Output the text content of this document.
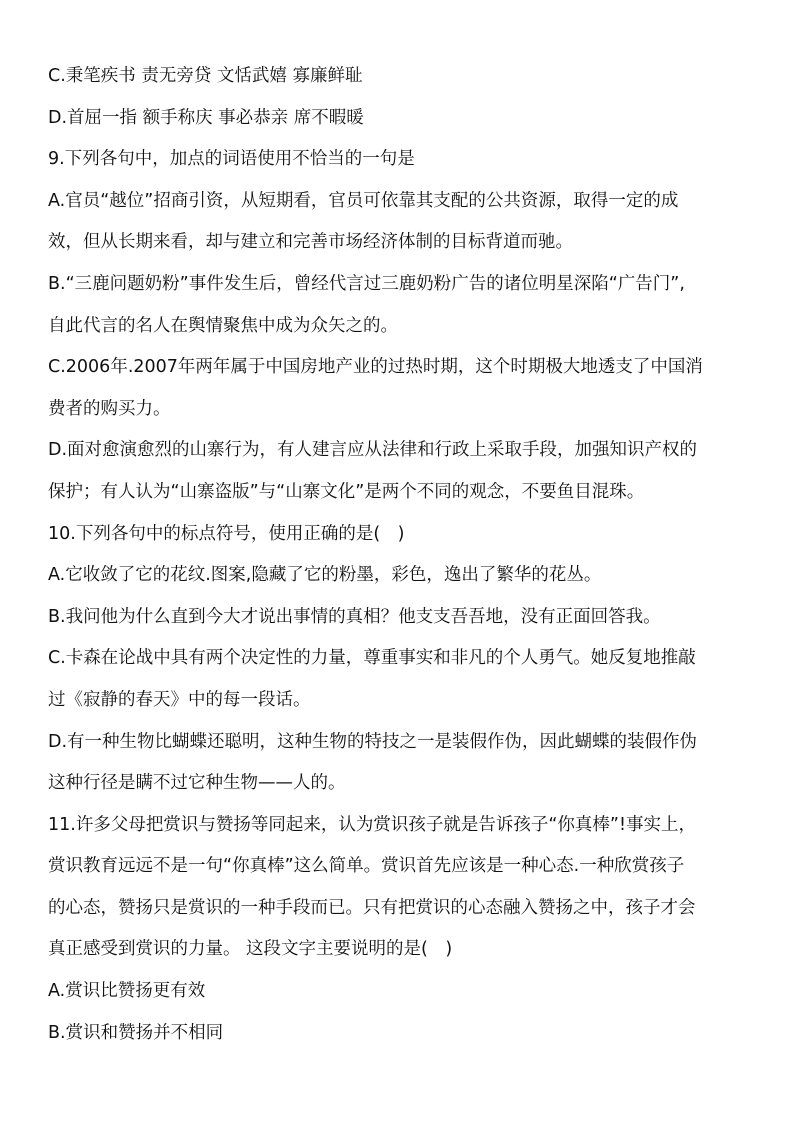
C.秉笔疾书 责无旁贷 文恬武嬉 寡廉鲜耻
D.首屈一指 额手称庆 事必恭亲 席不暇暖
9.下列各句中，加点的词语使用不恰当的一句是
A.官员“越位”招商引资，从短期看，官员可依靠其支配的公共资源，取得一定的成
效，但从长期来看，却与建立和完善市场经济体制的目标背道而驰。
B.“三鹿问题奶粉”事件发生后，曾经代言过三鹿奶粉广告的诸位明星深陷“广告门”,
自此代言的名人在舆情聚焦中成为众矢之的。
C.2006年.2007年两年属于中国房地产业的过热时期，这个时期极大地透支了中国消
费者的购买力。
D.面对愈演愈烈的山寨行为，有人建言应从法律和行政上采取手段，加强知识产权的
保护；有人认为“山寨盗版”与“山寨文化”是两个不同的观念，不要鱼目混珠。
10.下列各句中的标点符号，使用正确的是(　)
A.它收敛了它的花纹.图案,隐藏了它的粉墨，彩色，逸出了繁华的花丛。
B.我问他为什么直到今大才说出事情的真相？他支支吾吾地，没有正面回答我。
C.卡森在论战中具有两个决定性的力量，尊重事实和非凡的个人勇气。她反复地推敲
过《寂静的春天》中的每一段话。
D.有一种生物比蝴蝶还聪明，这种生物的特技之一是装假作伪，因此蝴蝶的装假作伪
这种行径是瞒不过它种生物——人的。
11.许多父母把赏识与赞扬等同起来，认为赏识孩子就是告诉孩子“你真棒”!事实上，
赏识教育远远不是一句“你真棒”这么简单。赏识首先应该是一种心态.一种欣赏孩子
的心态，赞扬只是赏识的一种手段而已。只有把赏识的心态融入赞扬之中，孩子才会
真正感受到赏识的力量。 这段文字主要说明的是(　)
A.赏识比赞扬更有效
B.赏识和赞扬并不相同
